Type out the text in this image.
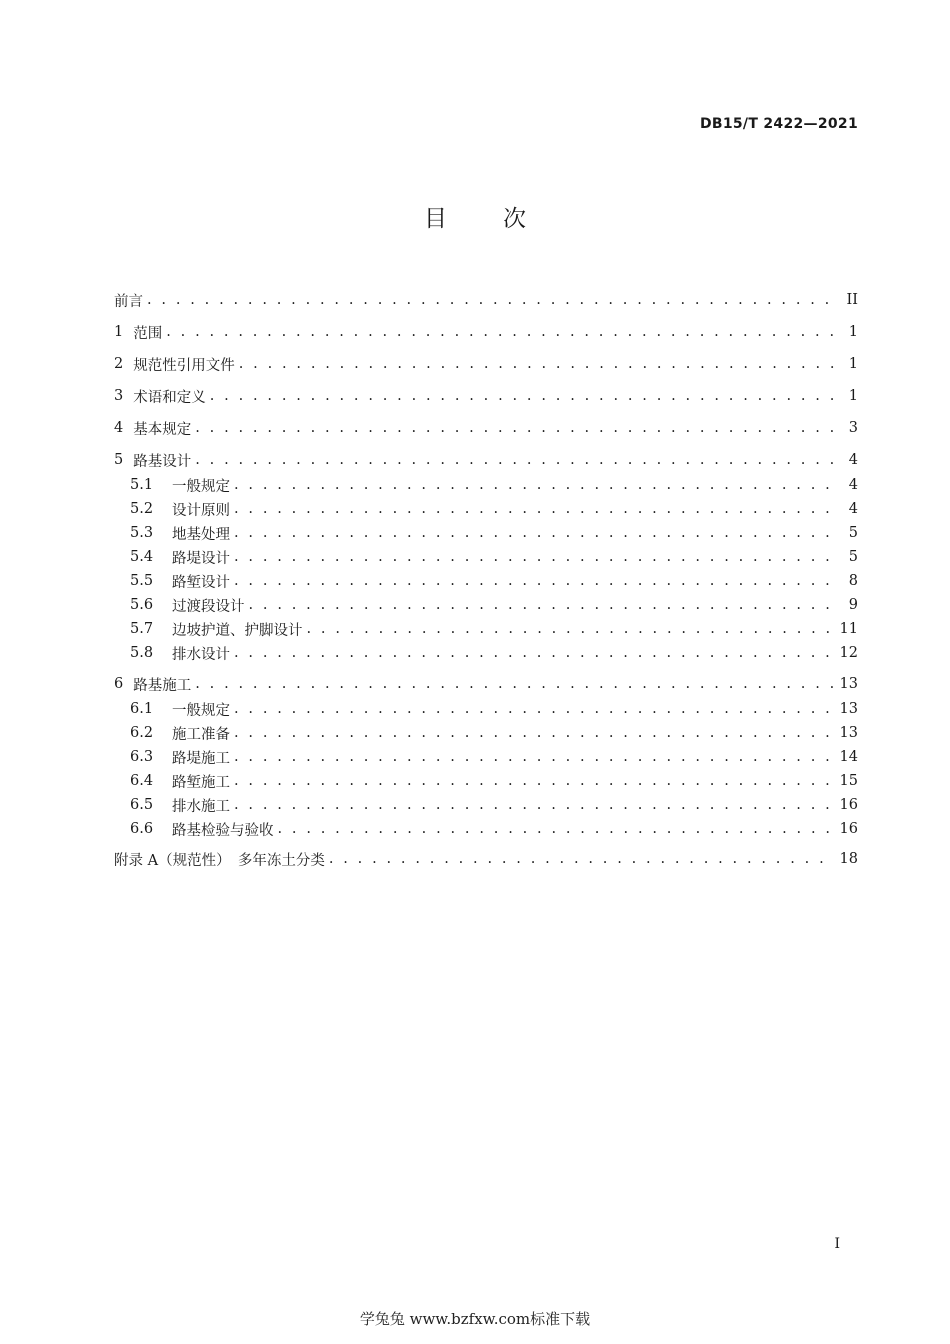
DB15/T 2422—2021
目 次
前言 . . .	II
1 范围 . . .	1
2 规范性引用文件 . . .	1
3 术语和定义 . . .	1
4 基本规定 . . .	3
5 路基设计 . . .	4
5.1	一般规定 . . .	4
5.2	设计原则 . . .	4
5.3	地基处理 . . .	5
5.4	路堤设计 . . .	5
5.5	路堑设计 . . .	8
5.6	过渡段设计 . . .	9
5.7	边坡护道、护脚设计 . . .	11
5.8	排水设计 . . .	12
6 路基施工 . . .	13
6.1	一般规定 . . .	13
6.2	施工准备 . . .	13
6.3	路堤施工 . . .	14
6.4	路堑施工 . . .	15
6.5	排水施工 . . .	16
6.6	路基检验与验收 . . .	16
附录 A（规范性）　多年冻土分类 . . .	18
I
学兔兔 www.bzfxw.com标准下载
